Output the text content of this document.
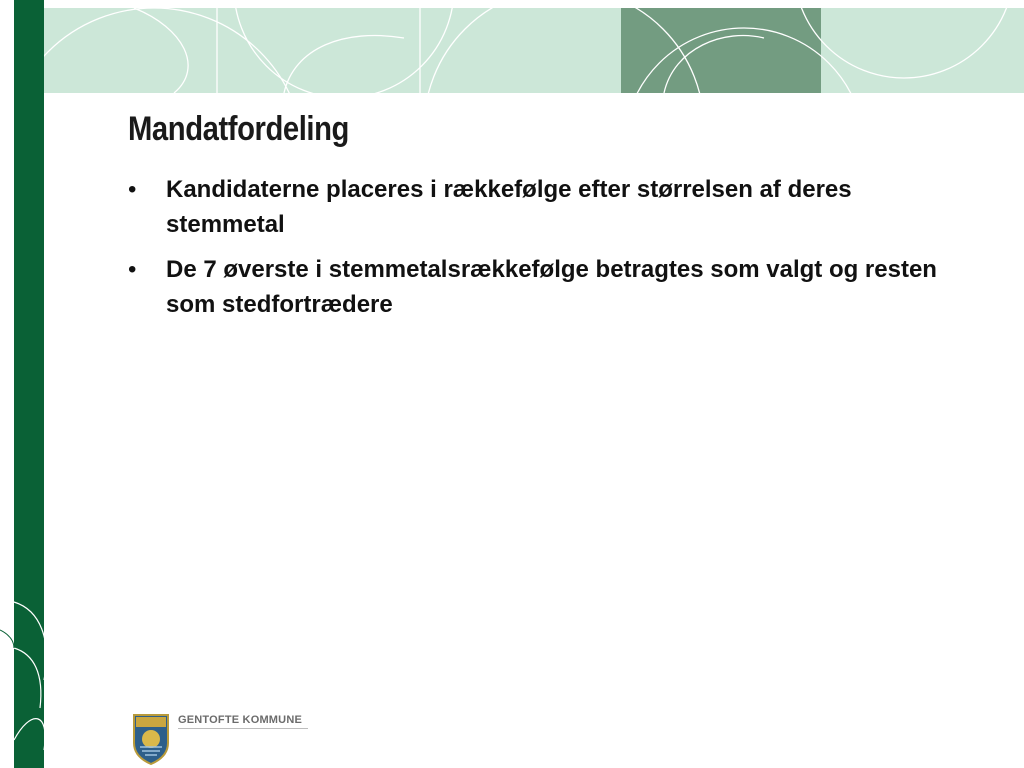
Mandatfordeling
• Kandidaterne placeres i rækkefølge efter størrelsen af deres stemmetal
• De 7 øverste i stemmetalsrækkefølge betragtes som valgt og resten som stedfortrædere
GENTOFTE KOMMUNE
